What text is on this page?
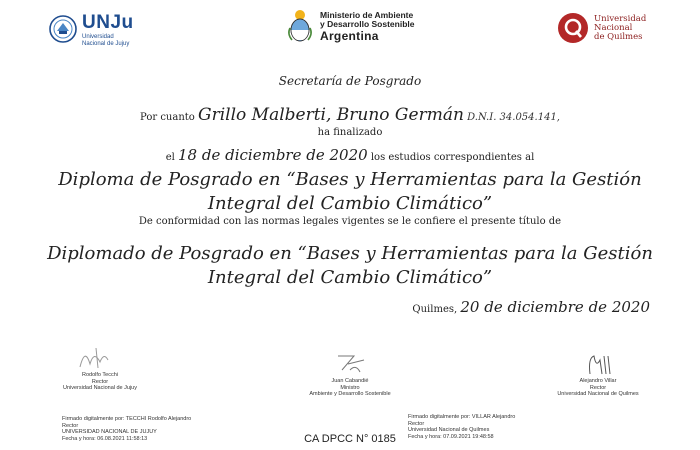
UNJu
Universidad
Nacional de Jujuy
Ministerio de Ambiente
y Desarrollo Sostenible
Argentina
Universidad
Nacional
de Quilmes
Secretaría de Posgrado
Por cuanto Grillo Malberti, Bruno Germán D.N.I. 34.054.141,
ha finalizado
el 18 de diciembre de 2020 los estudios correspondientes al
Diploma de Posgrado en “Bases y Herramientas para la Gestión Integral del Cambio Climático”
De conformidad con las normas legales vigentes se le confiere el presente título de
Diplomado de Posgrado en “Bases y Herramientas para la Gestión Integral del Cambio Climático”
Quilmes, 20 de diciembre de 2020
Rodolfo Tecchi
Rector
Universidad Nacional de Jujuy
Juan Cabandié
Ministro
Ambiente y Desarrollo Sostenible
Alejandro Villar
Rector
Universidad Nacional de Quilmes
Firmado digitalmente por: TECCHI Rodolfo Alejandro
Rector
UNIVERSIDAD NACIONAL DE JUJUY
Fecha y hora: 06.08.2021 11:58:13
Firmado digitalmente por: VILLAR Alejandro
Rector
Universidad Nacional de Quilmes
Fecha y hora: 07.09.2021 19:48:58
CA DPCC N° 0185
